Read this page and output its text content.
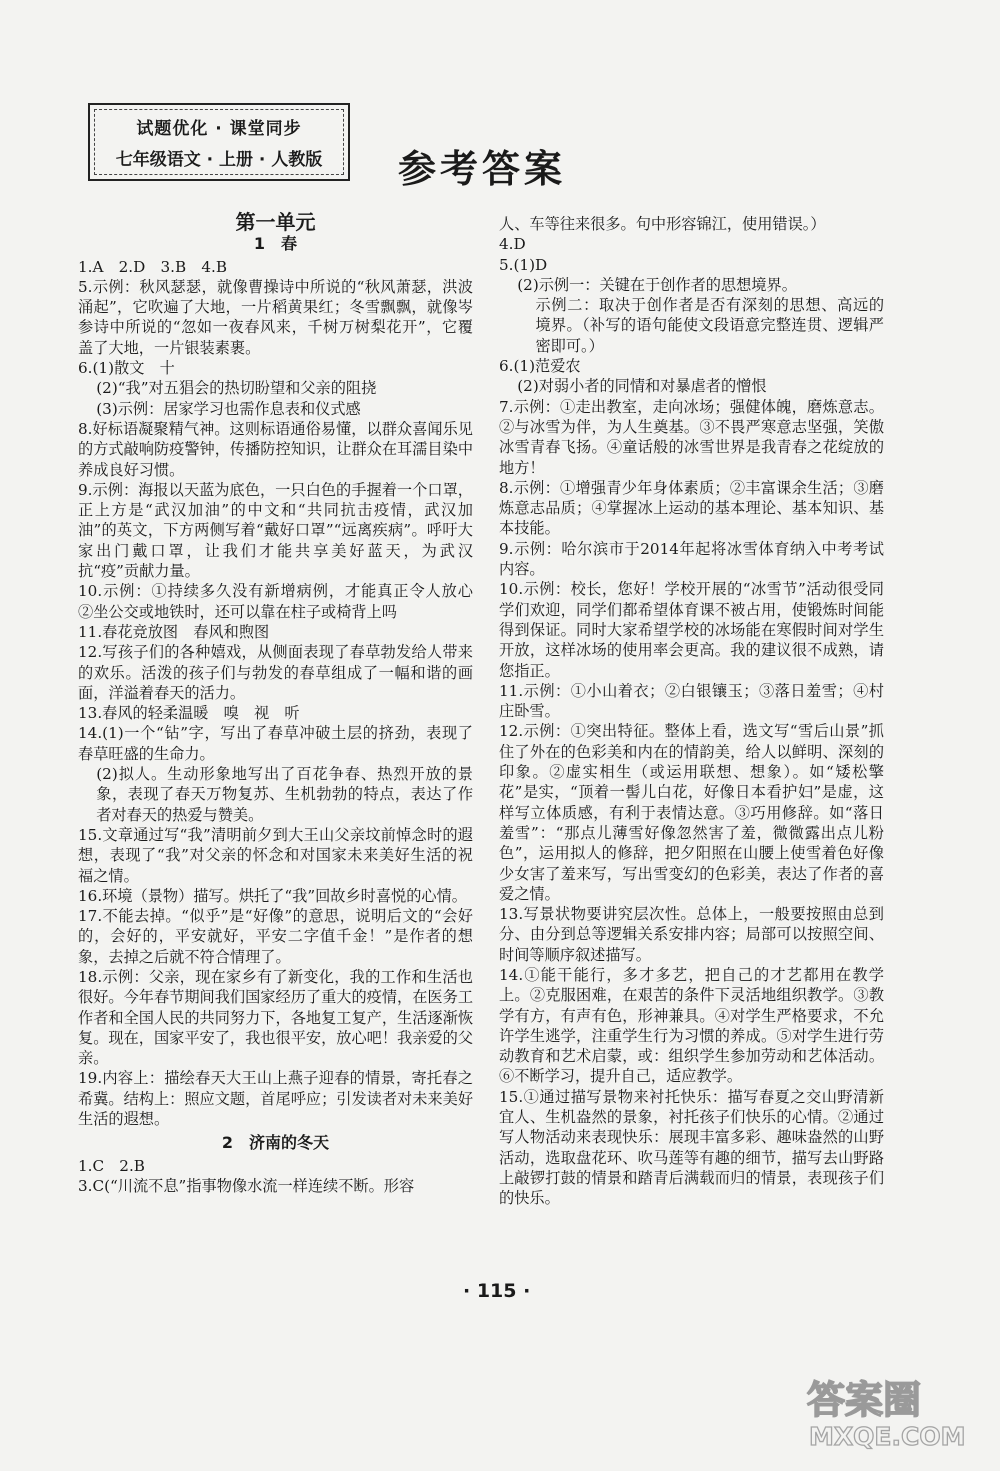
试题优化 · 课堂同步
七年级语文 · 上册 · 人教版 参考答案

第一单元

1　春

1.A　2.D　3.B　4.B

5.示例：秋风瑟瑟，就像曹操诗中所说的“秋风萧瑟，洪波涌起”，它吹遍了大地，一片稻黄果红；冬雪飘飘，就像岑参诗中所说的“忽如一夜春风来，千树万树梨花开”，它覆盖了大地，一片银装素裹。

6.(1)散文　十

(2)“我”对五猖会的热切盼望和父亲的阻挠

(3)示例：居家学习也需作息表和仪式感

8.好标语凝聚精气神。这则标语通俗易懂，以群众喜闻乐见的方式敲响防疫警钟，传播防控知识，让群众在耳濡目染中养成良好习惯。

9.示例：海报以天蓝为底色，一只白色的手握着一个口罩，正上方是“武汉加油”的中文和“共同抗击疫情，武汉加油”的英文，下方两侧写着“戴好口罩”“远离疾病”。呼吁大家出门戴口罩，让我们才能共享美好蓝天，为武汉抗“疫”贡献力量。

10.示例：①持续多久没有新增病例，才能真正令人放心　②坐公交或地铁时，还可以靠在柱子或椅背上吗

11.春花竞放图　春风和煦图

12.写孩子们的各种嬉戏，从侧面表现了春草勃发给人带来的欢乐。活泼的孩子们与勃发的春草组成了一幅和谐的画面，洋溢着春天的活力。

13.春风的轻柔温暖　嗅　视　听

14.(1)一个“钻”字，写出了春草冲破土层的挤劲，表现了春草旺盛的生命力。

(2)拟人。生动形象地写出了百花争春、热烈开放的景象，表现了春天万物复苏、生机勃勃的特点，表达了作者对春天的热爱与赞美。

15.文章通过写“我”清明前夕到大王山父亲坟前悼念时的遐想，表现了“我”对父亲的怀念和对国家未来美好生活的祝福之情。

16.环境（景物）描写。烘托了“我”回故乡时喜悦的心情。

17.不能去掉。“似乎”是“好像”的意思，说明后文的“会好的，会好的，平安就好，平安二字值千金！”是作者的想象，去掉之后就不符合情理了。

18.示例：父亲，现在家乡有了新变化，我的工作和生活也很好。今年春节期间我们国家经历了重大的疫情，在医务工作者和全国人民的共同努力下，各地复工复产，生活逐渐恢复。现在，国家平安了，我也很平安，放心吧！我亲爱的父亲。

19.内容上：描绘春天大王山上燕子迎春的情景，寄托春之希冀。结构上：照应文题，首尾呼应；引发读者对未来美好生活的遐想。

2　济南的冬天

1.C　2.B

3.C(“川流不息”指事物像水流一样连续不断。形容

人、车等往来很多。句中形容锦江，使用错误。）

4.D

5.(1)D

(2)示例一：关键在于创作者的思想境界。

示例二：取决于创作者是否有深刻的思想、高远的境界。（补写的语句能使文段语意完整连贯、逻辑严密即可。）

6.(1)范爱农

(2)对弱小者的同情和对暴虐者的憎恨

7.示例：①走出教室，走向冰场；强健体魄，磨炼意志。②与冰雪为伴，为人生奠基。③不畏严寒意志坚强，笑傲冰雪青春飞扬。④童话般的冰雪世界是我青春之花绽放的地方！

8.示例：①增强青少年身体素质；②丰富课余生活；③磨炼意志品质；④掌握冰上运动的基本理论、基本知识、基本技能。

9.示例：哈尔滨市于2014年起将冰雪体育纳入中考考试内容。

10.示例：校长，您好！学校开展的“冰雪节”活动很受同学们欢迎，同学们都希望体育课不被占用，使锻炼时间能得到保证。同时大家希望学校的冰场能在寒假时间对学生开放，这样冰场的使用率会更高。我的建议很不成熟，请您指正。

11.示例：①小山着衣；②白银镶玉；③落日羞雪；④村庄卧雪。

12.示例：①突出特征。整体上看，选文写“雪后山景”抓住了外在的色彩美和内在的情韵美，给人以鲜明、深刻的印象。②虚实相生（或运用联想、想象）。如“矮松擎花”是实，“顶着一髻儿白花，好像日本看护妇”是虚，这样写立体质感，有利于表情达意。③巧用修辞。如“落日羞雪”：“那点儿薄雪好像忽然害了羞，微微露出点儿粉色”，运用拟人的修辞，把夕阳照在山腰上使雪着色好像少女害了羞来写，写出雪变幻的色彩美，表达了作者的喜爱之情。

13.写景状物要讲究层次性。总体上，一般要按照由总到分、由分到总等逻辑关系安排内容；局部可以按照空间、时间等顺序叙述描写。

14.①能干能行，多才多艺，把自己的才艺都用在教学上。②克服困难，在艰苦的条件下灵活地组织教学。③教学有方，有声有色，形神兼具。④对学生严格要求，不允许学生逃学，注重学生行为习惯的养成。⑤对学生进行劳动教育和艺术启蒙，或：组织学生参加劳动和艺体活动。⑥不断学习，提升自己，适应教学。

15.①通过描写景物来衬托快乐：描写春夏之交山野清新宜人、生机盎然的景象，衬托孩子们快乐的心情。②通过写人物活动来表现快乐：展现丰富多彩、趣味盎然的山野活动，选取盘花环、吹马莲等有趣的细节，描写去山野路上敲锣打鼓的情景和踏青后满载而归的情景，表现孩子们的快乐。

· 115 ·
答案圈
MXQE.COM
